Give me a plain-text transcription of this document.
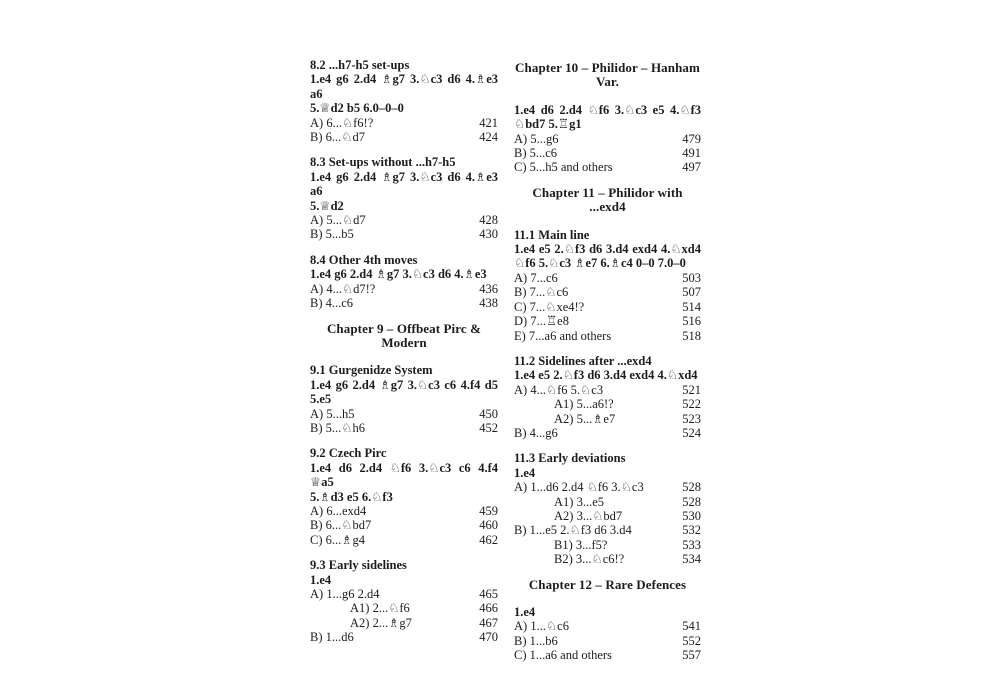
8.2 ...h7-h5 set-ups
1.e4 g6 2.d4 ♗g7 3.♘c3 d6 4.♗e3 a6
5.♕d2 b5 6.0–0–0
A) 6...♘f6!?	421
B) 6...♘d7	424
8.3 Set-ups without ...h7-h5
1.e4 g6 2.d4 ♗g7 3.♘c3 d6 4.♗e3 a6
5.♕d2
A) 5...♘d7	428
B) 5...b5	430
8.4 Other 4th moves
1.e4 g6 2.d4 ♗g7 3.♘c3 d6 4.♗e3
A) 4...♘d7!?	436
B) 4...c6	438
Chapter 9 – Offbeat Pirc & Modern
9.1 Gurgenidze System
1.e4 g6 2.d4 ♗g7 3.♘c3 c6 4.f4 d5
5.e5
A) 5...h5	450
B) 5...♘h6	452
9.2 Czech Pirc
1.e4 d6 2.d4 ♘f6 3.♘c3 c6 4.f4 ♕a5
5.♗d3 e5 6.♘f3
A) 6...exd4	459
B) 6...♘bd7	460
C) 6...♗g4	462
9.3 Early sidelines
1.e4
A) 1...g6 2.d4	465
A1) 2...♘f6	466
A2) 2...♗g7	467
B) 1...d6	470
Chapter 10 – Philidor – Hanham Var.
1.e4 d6 2.d4 ♘f6 3.♘c3 e5 4.♘f3
♘bd7 5.♖g1
A) 5...g6	479
B) 5...c6	491
C) 5...h5 and others	497
Chapter 11 – Philidor with ...exd4
11.1 Main line
1.e4 e5 2.♘f3 d6 3.d4 exd4 4.♘xd4
♘f6 5.♘c3 ♗e7 6.♗c4 0–0 7.0–0
A) 7...c6	503
B) 7...♘c6	507
C) 7...♘xe4!?	514
D) 7...♖e8	516
E) 7...a6 and others	518
11.2 Sidelines after ...exd4
1.e4 e5 2.♘f3 d6 3.d4 exd4 4.♘xd4
A) 4...♘f6 5.♘c3	521
A1) 5...a6!?	522
A2) 5...♗e7	523
B) 4...g6	524
11.3 Early deviations
1.e4
A) 1...d6 2.d4 ♘f6 3.♘c3	528
A1) 3...e5	528
A2) 3...♘bd7	530
B) 1...e5 2.♘f3 d6 3.d4	532
B1) 3...f5?	533
B2) 3...♘c6!?	534
Chapter 12 – Rare Defences
1.e4
A) 1...♘c6	541
B) 1...b6	552
C) 1...a6 and others	557
